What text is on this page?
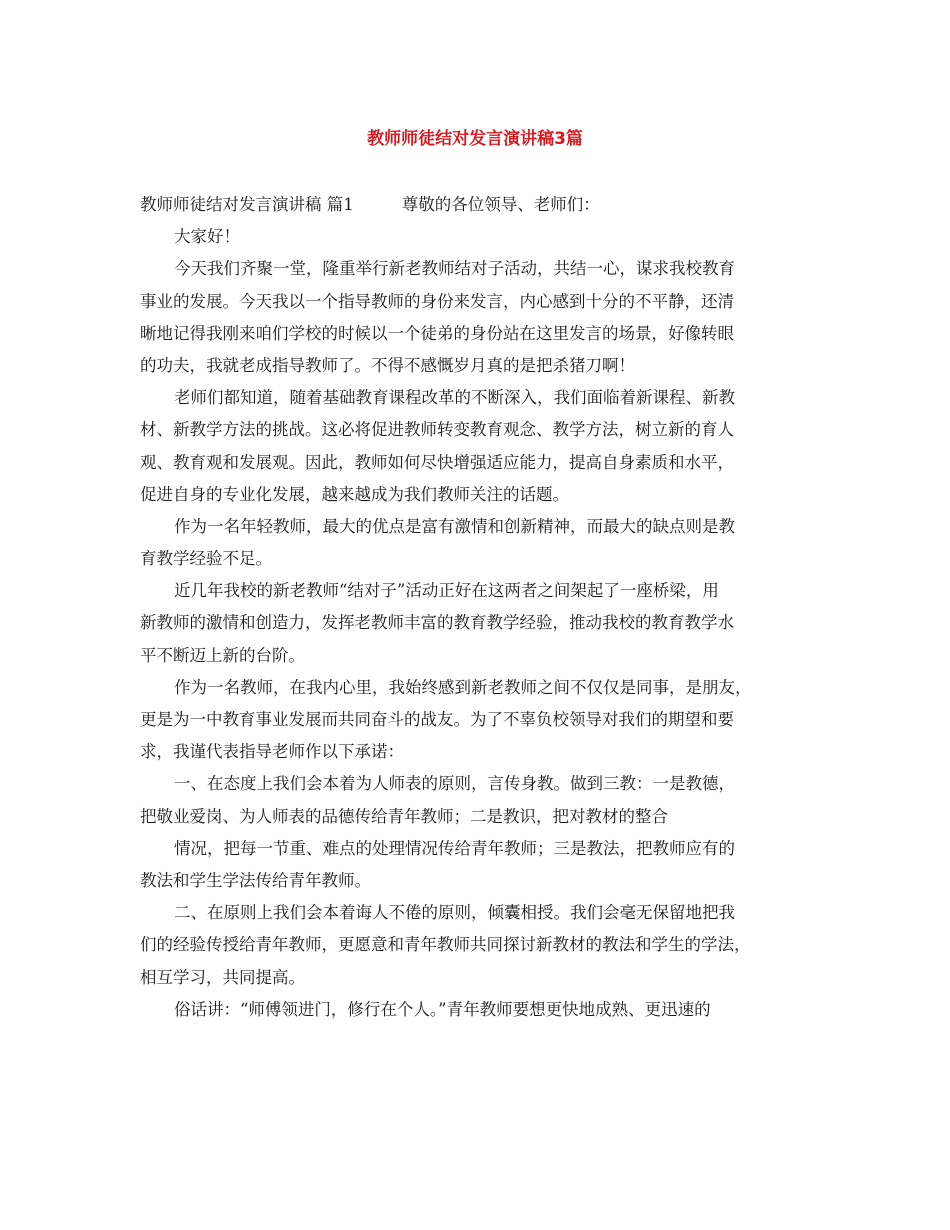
教师师徒结对发言演讲稿3篇
教师师徒结对发言演讲稿 篇1	尊敬的各位领导、老师们：
大家好！
今天我们齐聚一堂，隆重举行新老教师结对子活动，共结一心，谋求我校教育
事业的发展。今天我以一个指导教师的身份来发言，内心感到十分的不平静，还清
晰地记得我刚来咱们学校的时候以一个徒弟的身份站在这里发言的场景，好像转眼
的功夫，我就老成指导教师了。不得不感慨岁月真的是把杀猪刀啊！
老师们都知道，随着基础教育课程改革的不断深入，我们面临着新课程、新教
材、新教学方法的挑战。这必将促进教师转变教育观念、教学方法，树立新的育人
观、教育观和发展观。因此，教师如何尽快增强适应能力，提高自身素质和水平，
促进自身的专业化发展，越来越成为我们教师关注的话题。
作为一名年轻教师，最大的优点是富有激情和创新精神，而最大的缺点则是教
育教学经验不足。
近几年我校的新老教师“结对子”活动正好在这两者之间架起了一座桥梁，用
新教师的激情和创造力，发挥老教师丰富的教育教学经验，推动我校的教育教学水
平不断迈上新的台阶。
作为一名教师，在我内心里，我始终感到新老教师之间不仅仅是同事，是朋友，
更是为一中教育事业发展而共同奋斗的战友。为了不辜负校领导对我们的期望和要
求，我谨代表指导老师作以下承诺：
一、在态度上我们会本着为人师表的原则，言传身教。做到三教：一是教德，
把敬业爱岗、为人师表的品德传给青年教师；二是教识，把对教材的整合
情况，把每一节重、难点的处理情况传给青年教师；三是教法，把教师应有的
教法和学生学法传给青年教师。
二、在原则上我们会本着诲人不倦的原则，倾囊相授。我们会毫无保留地把我
们的经验传授给青年教师，更愿意和青年教师共同探讨新教材的教法和学生的学法，
相互学习，共同提高。
俗话讲：“师傅领进门，修行在个人。”青年教师要想更快地成熟、更迅速的
